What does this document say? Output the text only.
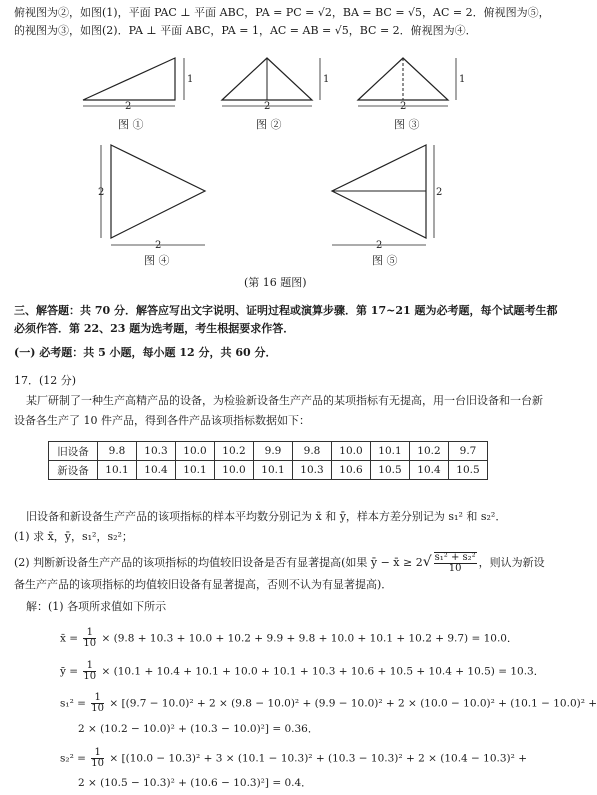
俯视图为②，如图(1)，平面 PAC ⊥ 平面 ABC，PA = PC = √2，BA = BC = √5，AC = 2．俯视图为⑤，
的视图为③，如图(2)．PA ⊥ 平面 ABC，PA = 1，AC = AB = √5，BC = 2．俯视图为④．
1
2
图 ①
1
2
图 ②
1
2
图 ③
2
2
图 ④
2
2
图 ⑤
(第 16 题图)
三、解答题：共 70 分．解答应写出文字说明、证明过程或演算步骤．第 17~21 题为必考题，每个试题考生都
必须作答．第 22、23 题为选考题，考生根据要求作答．
(一) 必考题：共 5 小题，每小题 12 分，共 60 分．
17．(12 分)
某厂研制了一种生产高精产品的设备，为检验新设备生产产品的某项指标有无提高，用一台旧设备和一台新
设备各生产了 10 件产品，得到各件产品该项指标数据如下：
旧设备	9.8	10.3	10.0	10.2	9.9	9.8	10.0	10.1	10.2	9.7
新设备	10.1	10.4	10.1	10.0	10.1	10.3	10.6	10.5	10.4	10.5
旧设备和新设备生产产品的该项指标的样本平均数分别记为 x̄ 和 ȳ，样本方差分别记为 s₁² 和 s₂²．
(1) 求 x̄，ȳ，s₁²，s₂²；
(2) 判断新设备生产产品的该项指标的均值较旧设备是否有显著提高(如果 ȳ − x̄ ≥ $2√ \frac{\text{s₁² + s₂²}}{10}$ ，则认为新设
备生产产品的该项指标的均值较旧设备有显著提高，否则不认为有显著提高)．
解：(1) 各项所求值如下所示
x̄ = $\frac{1}{10} \times (9.8 + 10.3 + 10.0 + 10.2 + 9.9 + 9.8 + 10.0 + 10.1 + 10.2 + 9.7) = 10.0$．
ȳ = $\frac{1}{10} \times (10.1 + 10.4 + 10.1 + 10.0 + 10.1 + 10.3 + 10.6 + 10.5 + 10.4 + 10.5) = 10.3$．
$s_1^2 = \frac{1}{10} \times [(9.7 - 10.0)^2 + 2 \times (9.8 - 10.0)^2 + (9.9 - 10.0)^2 + 2 \times (10.0 - 10.0)^2 + (10.1 - 10.0)^2$ +
2 × (10.2 − 10.0)² + (10.3 − 10.0)²] = 0.36．
$s_2^2 = \frac{1}{10} \times [(10.0 - 10.3)^2 + 3 \times (10.1 - 10.3)^2 + (10.3 - 10.3)^2 + 2 \times (10.4 - 10.3)^2$ +
2 × (10.5 − 10.3)² + (10.6 − 10.3)²] = 0.4．
